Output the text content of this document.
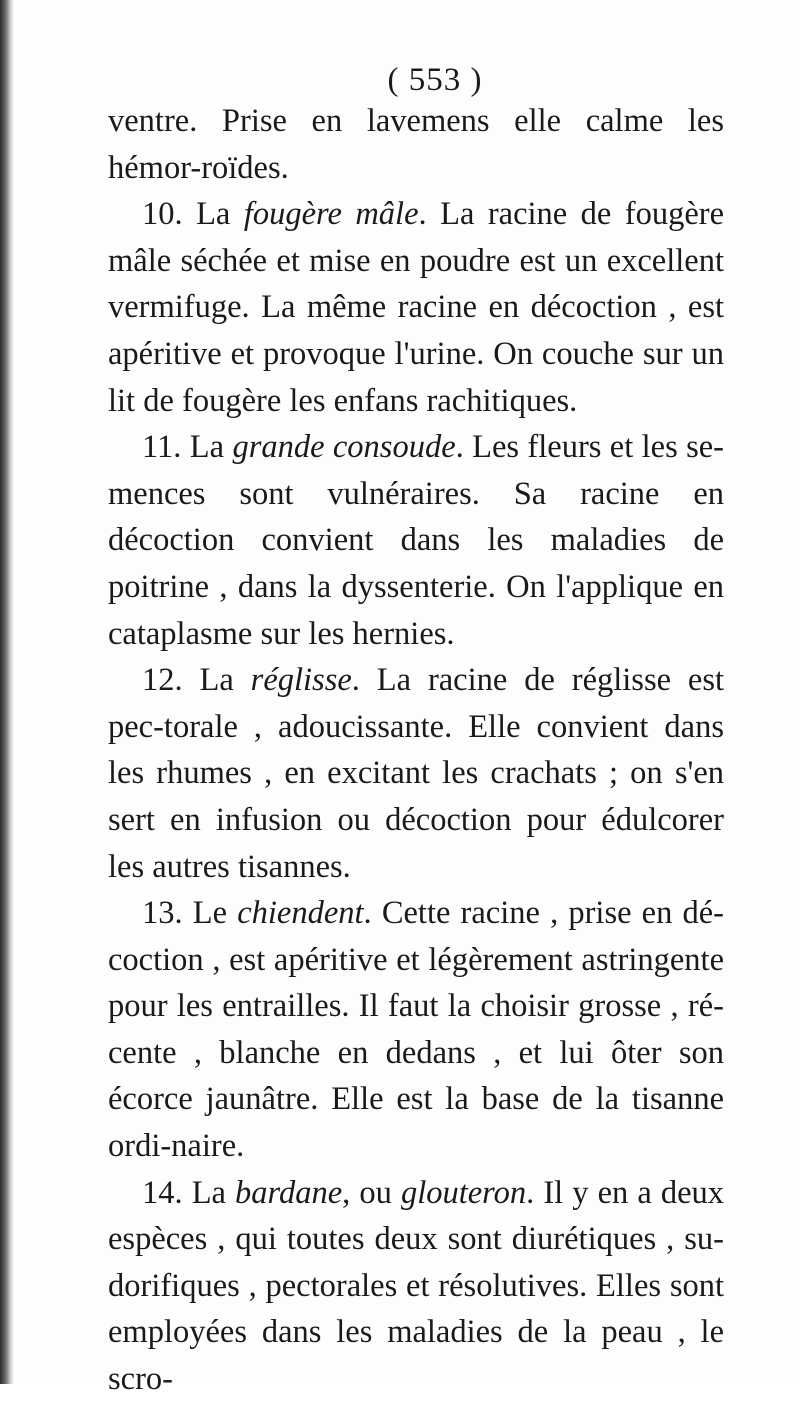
( 553 )

ventre. Prise en lavemens elle calme les hémor-roïdes.

10. La fougère mâle. La racine de fougère mâle séchée et mise en poudre est un excellent vermifuge. La même racine en décoction , est apéritive et provoque l'urine. On couche sur un lit de fougère les enfans rachitiques.

11. La grande consoude. Les fleurs et les se-mences sont vulnéraires. Sa racine en décoction convient dans les maladies de poitrine , dans la dyssenterie. On l'applique en cataplasme sur les hernies.

12. La réglisse. La racine de réglisse est pec-torale , adoucissante. Elle convient dans les rhumes , en excitant les crachats ; on s'en sert en infusion ou décoction pour édulcorer les autres tisannes.

13. Le chiendent. Cette racine , prise en dé-coction , est apéritive et légèrement astringente pour les entrailles. Il faut la choisir grosse , ré-cente , blanche en dedans , et lui ôter son écorce jaunâtre. Elle est la base de la tisanne ordi-naire.

14. La bardane, ou glouteron. Il y en a deux espèces , qui toutes deux sont diurétiques , su-dorifiques , pectorales et résolutives. Elles sont employées dans les maladies de la peau , le scro-
